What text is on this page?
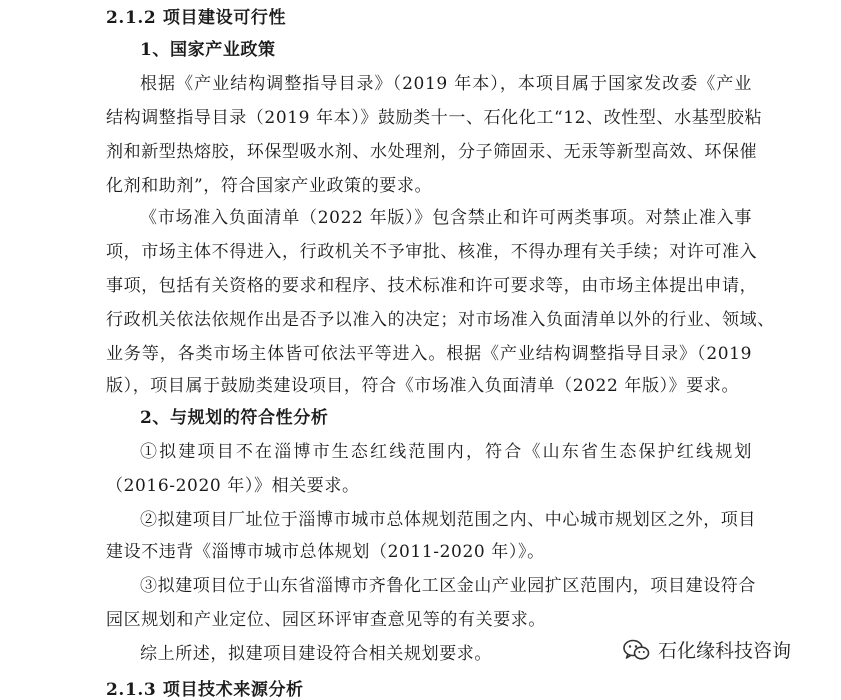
2.1.2 项目建设可行性
1、国家产业政策
根据《产业结构调整指导目录》（2019 年本），本项目属于国家发改委《产业
结构调整指导目录（2019 年本）》鼓励类十一、石化化工“12、改性型、水基型胶粘
剂和新型热熔胶，环保型吸水剂、水处理剂，分子筛固汞、无汞等新型高效、环保催
化剂和助剂”，符合国家产业政策的要求。
《市场准入负面清单（2022 年版）》包含禁止和许可两类事项。对禁止准入事
项，市场主体不得进入，行政机关不予审批、核准，不得办理有关手续；对许可准入
事项，包括有关资格的要求和程序、技术标准和许可要求等，由市场主体提出申请，
行政机关依法依规作出是否予以准入的决定；对市场准入负面清单以外的行业、领域、
业务等，各类市场主体皆可依法平等进入。根据《产业结构调整指导目录》（2019
版），项目属于鼓励类建设项目，符合《市场准入负面清单（2022 年版）》要求。
2、与规划的符合性分析
①拟建项目不在淄博市生态红线范围内，符合《山东省生态保护红线规划
（2016-2020 年）》相关要求。
②拟建项目厂址位于淄博市城市总体规划范围之内、中心城市规划区之外，项目
建设不违背《淄博市城市总体规划（2011-2020 年）》。
③拟建项目位于山东省淄博市齐鲁化工区金山产业园扩区范围内，项目建设符合
园区规划和产业定位、园区环评审查意见等的有关要求。
综上所述，拟建项目建设符合相关规划要求。
2.1.3 项目技术来源分析
石化缘科技咨询
